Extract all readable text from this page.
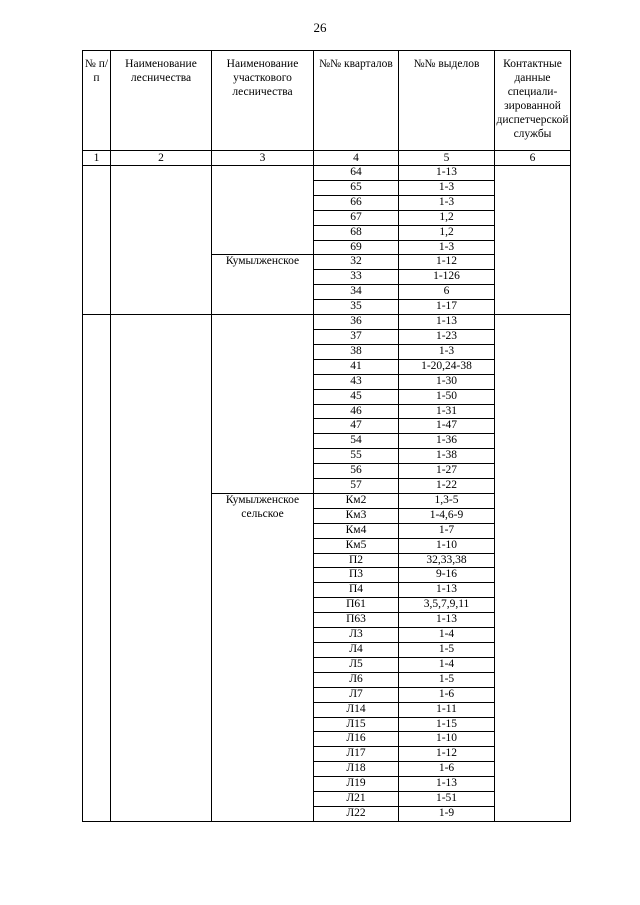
26
№ п/п	Наименование лесничества	Наименование участкового лесничества	№№ кварталов	№№ выделов	Контактные данные специали-зированной диспетчерской службы
1	2	3	4	5	6
			64	1-13	
			65	1-3	
			66	1-3	
			67	1,2	
			68	1,2	
			69	1-3	
		Кумылженское	32	1-12	
			33	1-126	
			34	6	
			35	1-17	
			36	1-13	
			37	1-23	
			38	1-3	
			41	1-20,24-38	
			43	1-30	
			45	1-50	
			46	1-31	
			47	1-47	
			54	1-36	
			55	1-38	
			56	1-27	
			57	1-22	
		Кумылженское сельское	Км2	1,3-5	
			Км3	1-4,6-9	
			Км4	1-7	
			Км5	1-10	
			П2	32,33,38	
			П3	9-16	
			П4	1-13	
			П61	3,5,7,9,11	
			П63	1-13	
			Л3	1-4	
			Л4	1-5	
			Л5	1-4	
			Л6	1-5	
			Л7	1-6	
			Л14	1-11	
			Л15	1-15	
			Л16	1-10	
			Л17	1-12	
			Л18	1-6	
			Л19	1-13	
			Л21	1-51	
			Л22	1-9	
